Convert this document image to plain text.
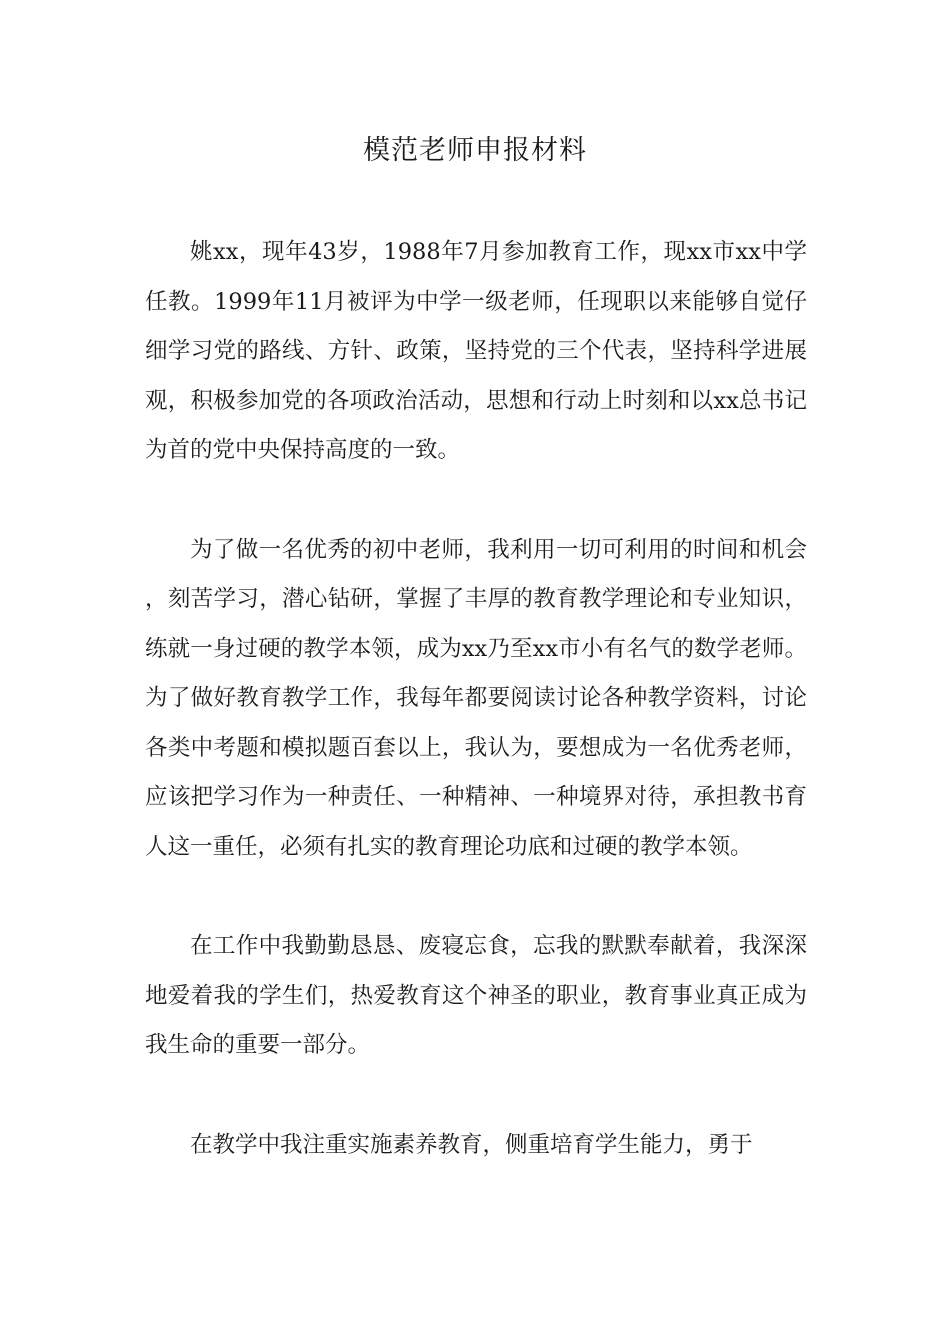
模范老师申报材料

姚xx，现年43岁，1988年7月参加教育工作，现xx市xx中学任教。1999年11月被评为中学一级老师，任现职以来能够自觉仔细学习党的路线、方针、政策，坚持党的三个代表，坚持科学进展观，积极参加党的各项政治活动，思想和行动上时刻和以xx总书记为首的党中央保持高度的一致。

为了做一名优秀的初中老师，我利用一切可利用的时间和机会，刻苦学习，潜心钻研，掌握了丰厚的教育教学理论和专业知识，练就一身过硬的教学本领，成为xx乃至xx市小有名气的数学老师。为了做好教育教学工作，我每年都要阅读讨论各种教学资料，讨论各类中考题和模拟题百套以上，我认为，要想成为一名优秀老师，应该把学习作为一种责任、一种精神、一种境界对待，承担教书育人这一重任，必须有扎实的教育理论功底和过硬的教学本领。

在工作中我勤勤恳恳、废寝忘食，忘我的默默奉献着，我深深地爱着我的学生们，热爱教育这个神圣的职业，教育事业真正成为我生命的重要一部分。

在教学中我注重实施素养教育，侧重培育学生能力，勇于
